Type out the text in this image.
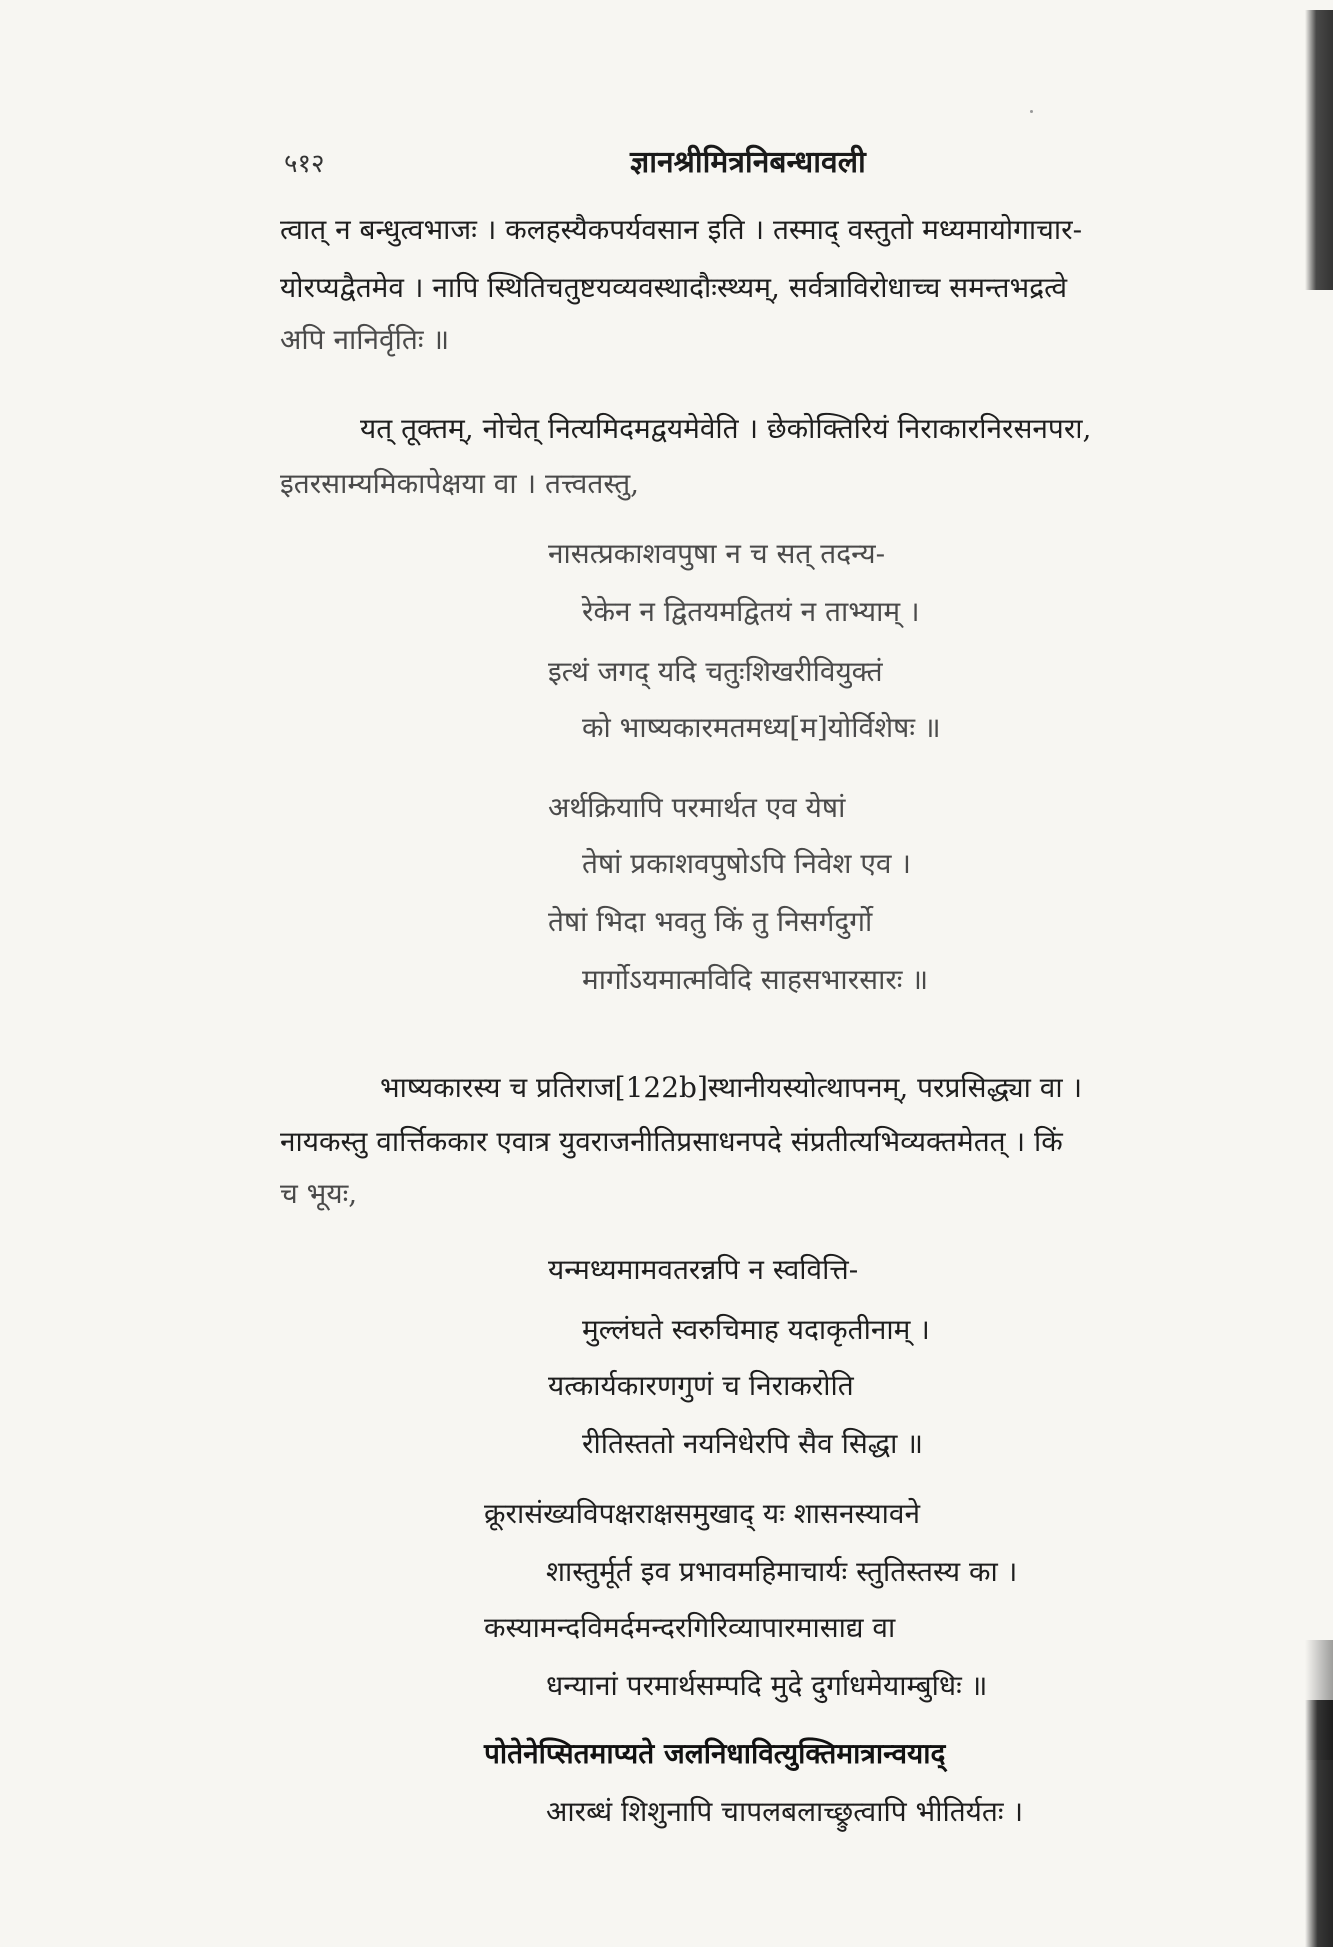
५१२	ज्ञानश्रीमित्रनिबन्धावली
त्वात् न बन्धुत्वभाजः । कलहस्यैकपर्यवसान इति । तस्माद् वस्तुतो मध्यमायोगाचार-
योरप्यद्वैतमेव । नापि स्थितिचतुष्टयव्यवस्थादौःस्थ्यम्, सर्वत्राविरोधाच्च समन्तभद्रत्वे
अपि नानिर्वृतिः ॥
यत् तूक्तम्, नोचेत् नित्यमिदमद्वयमेवेति । छेकोक्तिरियं निराकारनिरसनपरा,
इतरसाम्यमिकापेक्षया वा । तत्त्वतस्तु,
नासत्प्रकाशवपुषा न च सत् तदन्य-
रेकेन न द्वितयमद्वितयं न ताभ्याम् ।
इत्थं जगद् यदि चतुःशिखरीवियुक्तं
को भाष्यकारमतमध्य[म]योर्विशेषः ॥
अर्थक्रियापि परमार्थत एव येषां
तेषां प्रकाशवपुषोऽपि निवेश एव ।
तेषां भिदा भवतु किं तु निसर्गदुर्गो
मार्गोऽयमात्मविदि साहसभारसारः ॥
भाष्यकारस्य च प्रतिराज[122b]स्थानीयस्योत्थापनम्, परप्रसिद्ध्या वा ।
नायकस्तु वार्त्तिककार एवात्र युवराजनीतिप्रसाधनपदे संप्रतीत्यभिव्यक्तमेतत् । किं
च भूयः,
यन्मध्यमामवतरन्नपि न स्ववित्ति-
मुल्लंघते स्वरुचिमाह यदाकृतीनाम् ।
यत्कार्यकारणगुणं च निराकरोति
रीतिस्ततो नयनिधेरपि सैव सिद्धा ॥
क्रूरासंख्यविपक्षराक्षसमुखाद् यः शासनस्यावने
शास्तुर्मूर्त इव प्रभावमहिमाचार्यः स्तुतिस्तस्य का ।
कस्यामन्दविमर्दमन्दरगिरिव्यापारमासाद्य वा
धन्यानां परमार्थसम्पदि मुदे दुर्गाधमेयाम्बुधिः ॥
पोतेनेप्सितमाप्यते जलनिधावित्युक्तिमात्रान्वयाद्
आरब्धं शिशुनापि चापलबलाच्छ्रुत्वापि भीतिर्यतः ।
